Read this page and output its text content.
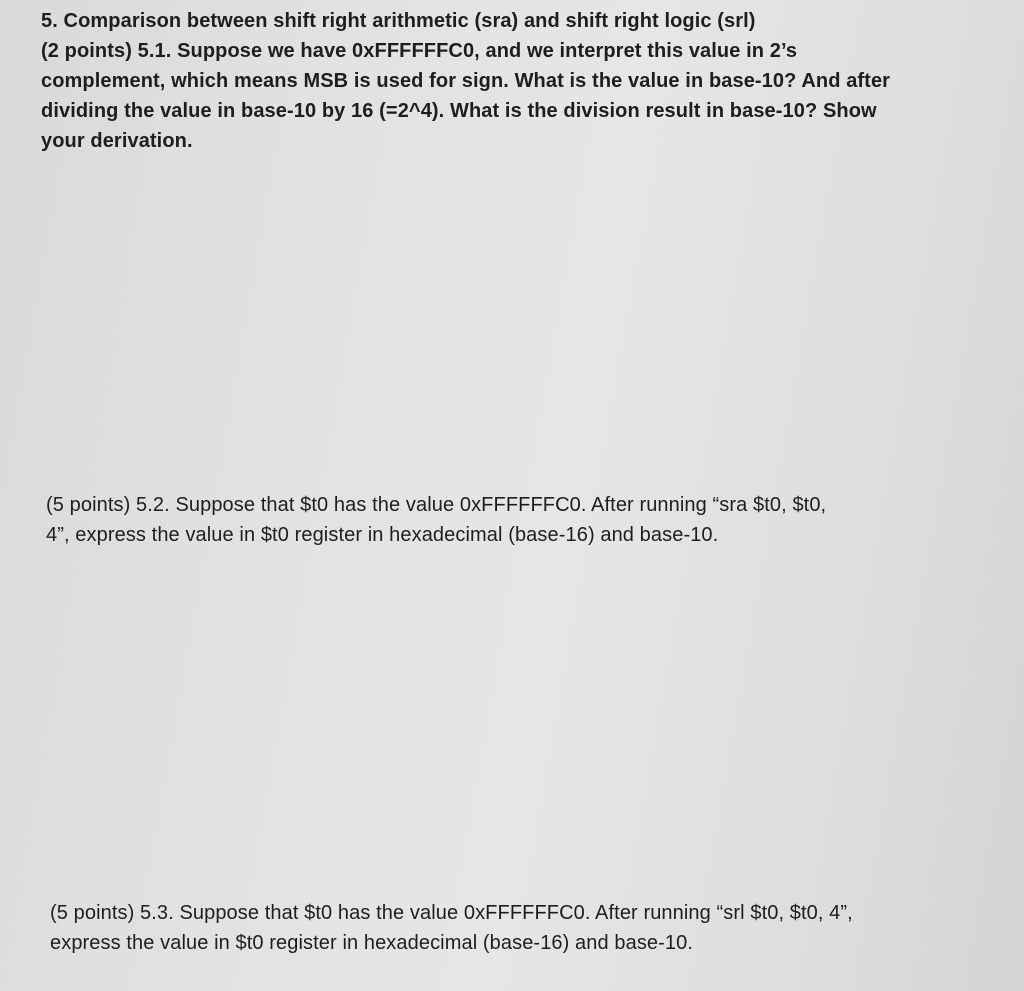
5. Comparison between shift right arithmetic (sra) and shift right logic (srl)
(2 points) 5.1. Suppose we have 0xFFFFFFC0, and we interpret this value in 2’s
complement, which means MSB is used for sign. What is the value in base-10? And after
dividing the value in base-10 by 16 (=2^4). What is the division result in base-10? Show
your derivation.
(5 points) 5.2. Suppose that $t0 has the value 0xFFFFFFC0. After running “sra $t0, $t0,
4”, express the value in $t0 register in hexadecimal (base-16) and base-10.
(5 points) 5.3. Suppose that $t0 has the value 0xFFFFFFC0. After running “srl $t0, $t0, 4”,
express the value in $t0 register in hexadecimal (base-16) and base-10.
